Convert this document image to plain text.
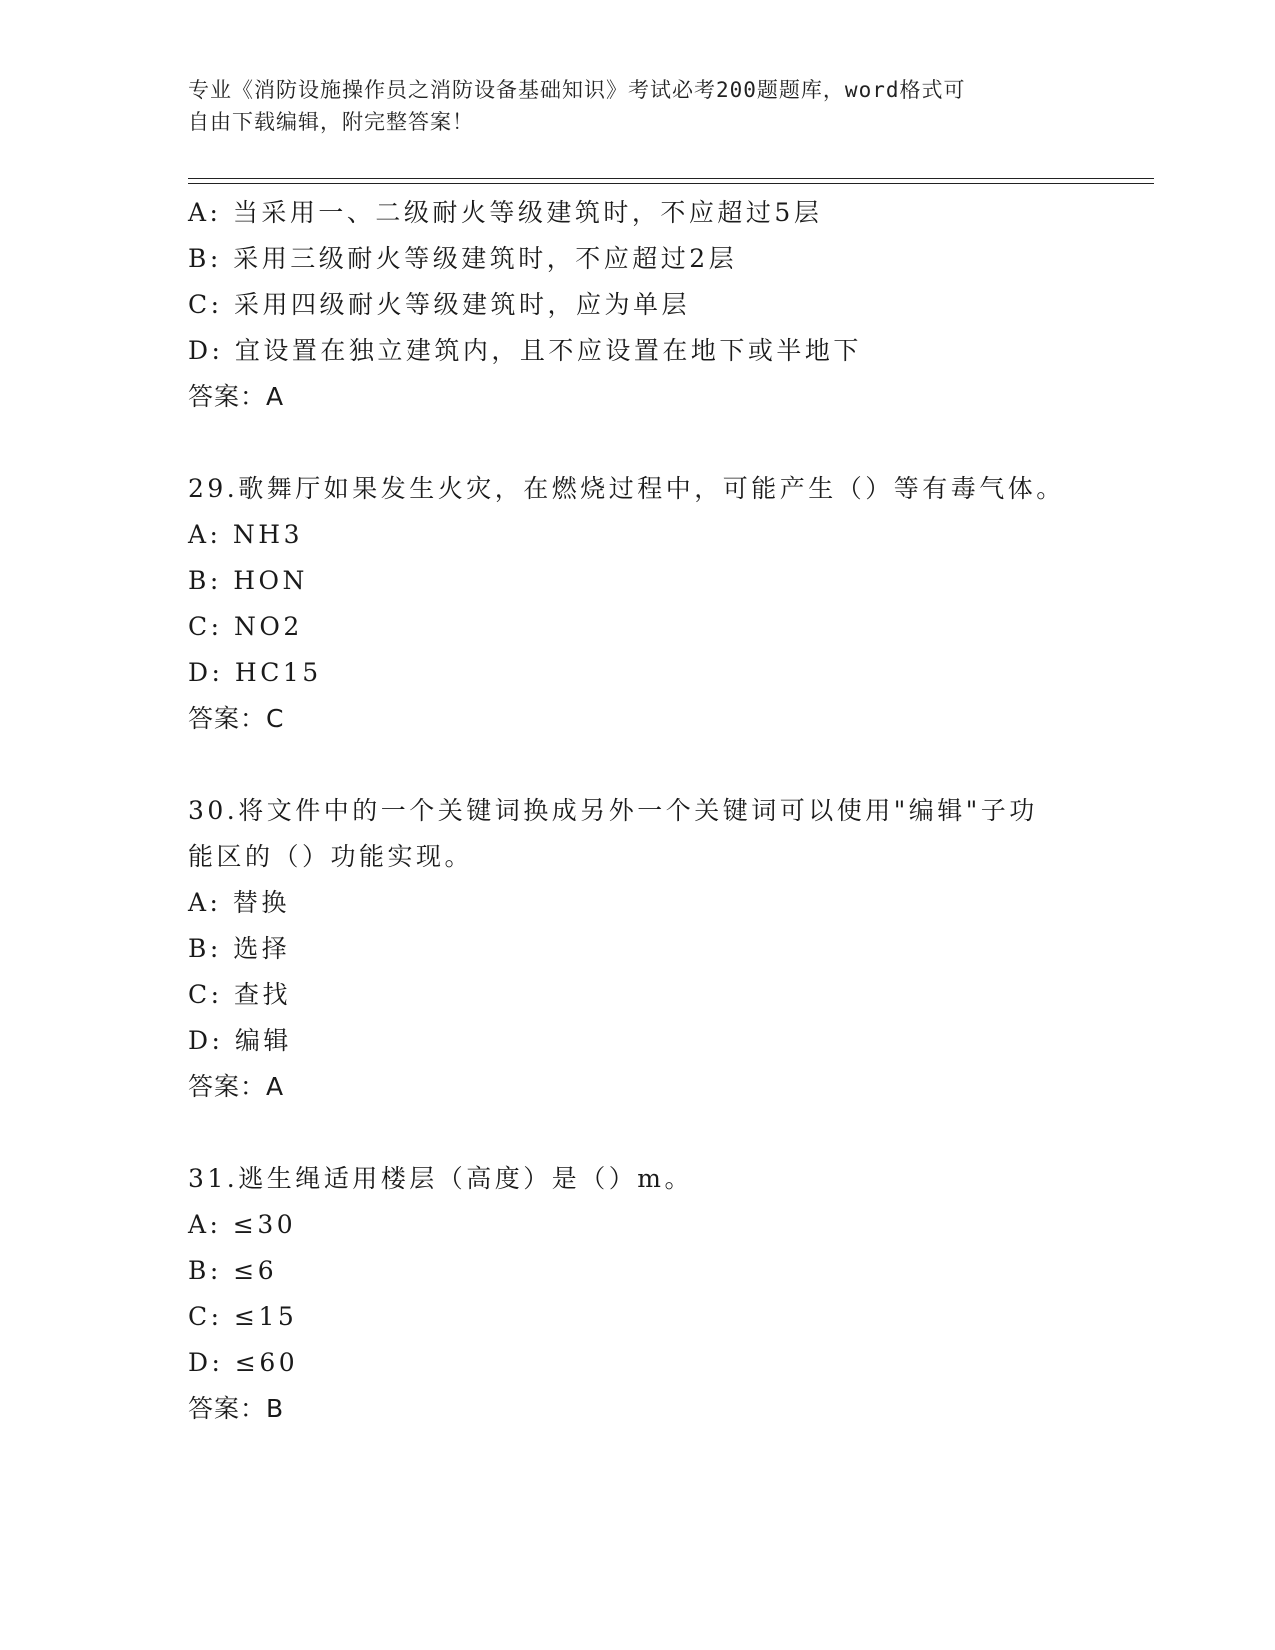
专业《消防设施操作员之消防设备基础知识》考试必考200题题库，word格式可
自由下载编辑，附完整答案！
A: 当采用一、二级耐火等级建筑时，不应超过5层
B: 采用三级耐火等级建筑时，不应超过2层
C: 采用四级耐火等级建筑时，应为单层
D: 宜设置在独立建筑内，且不应设置在地下或半地下
答案：A
29.歌舞厅如果发生火灾，在燃烧过程中，可能产生（）等有毒气体。
A: NH3
B: HON
C: NO2
D: HC15
答案：C
30.将文件中的一个关键词换成另外一个关键词可以使用"编辑"子功能区的（）功能实现。
A: 替换
B: 选择
C: 查找
D: 编辑
答案：A
31.逃生绳适用楼层（高度）是（）m。
A: ≤30
B: ≤6
C: ≤15
D: ≤60
答案：B
